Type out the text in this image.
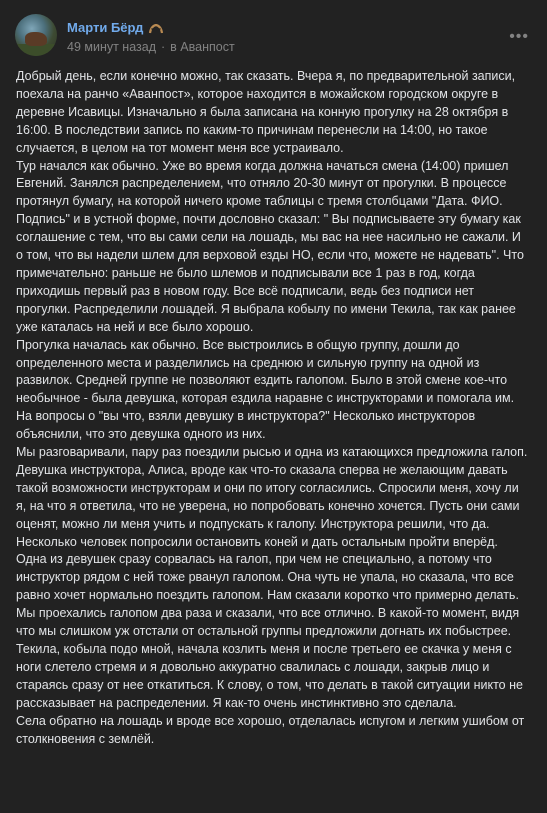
Марти Бёрд
49 минут назад · в Аванпост
•••

Добрый день, если конечно можно, так сказать. Вчера я, по предварительной записи, поехала на ранчо «Аванпост», которое находится в можайском городском округе в деревне Исавицы. Изначально я была записана на конную прогулку на 28 октября в 16:00. В последствии запись по каким-то причинам перенесли на 14:00, но такое случается, в целом на тот момент меня все устраивало.

Тур начался как обычно. Уже во время когда должна начаться смена (14:00) пришел Евгений. Занялся распределением, что отняло 20-30 минут от прогулки. В процессе протянул бумагу, на которой ничего кроме таблицы с тремя столбцами "Дата. ФИО. Подпись" и в устной форме, почти дословно сказал: " Вы подписываете эту бумагу как соглашение с тем, что вы сами сели на лошадь, мы вас на нее насильно не сажали. И о том, что вы надели шлем для верховой езды НО, если что, можете не надевать". Что примечательно: раньше не было шлемов и подписывали все 1 раз в год, когда приходишь первый раз в новом году. Все всё подписали, ведь без подписи нет прогулки. Распределили лошадей. Я выбрала кобылу по имени Текила, так как ранее уже каталась на ней и все было хорошо.

Прогулка началась как обычно. Все выстроились в общую группу, дошли до определенного места и разделились на среднюю и сильную группу на одной из развилок. Средней группе не позволяют ездить галопом. Было в этой смене кое-что необычное - была девушка, которая ездила наравне с инструкторами и помогала им. На вопросы о "вы что, взяли девушку в инструктора?" Несколько инструкторов объяснили, что это девушка одного из них.

Мы разговаривали, пару раз поездили рысью и одна из катающихся предложила галоп. Девушка инструктора, Алиса, вроде как что-то сказала сперва не желающим давать такой возможности инструкторам и они по итогу согласились. Спросили меня, хочу ли я, на что я ответила, что не уверена, но попробовать конечно хочется. Пусть они сами оценят, можно ли меня учить и подпускать к галопу. Инструктора решили, что да. Несколько человек попросили остановить коней и дать остальным пройти вперёд. Одна из девушек сразу сорвалась на галоп, при чем не специально, а потому что инструктор рядом с ней тоже рванул галопом. Она чуть не упала, но сказала, что все равно хочет нормально поездить галопом. Нам сказали коротко что примерно делать. Мы проехались галопом два раза и сказали, что все отлично. В какой-то момент, видя что мы слишком уж отстали от остальной группы предложили догнать их побыстрее. Текила, кобыла подо мной, начала козлить меня и после третьего ее скачка у меня с ноги слетело стремя и я довольно аккуратно свалилась с лошади, закрыв лицо и стараясь сразу от нее откатиться. К слову, о том, что делать в такой ситуации никто не рассказывает на распределении. Я как-то очень инстинктивно это сделала.

Села обратно на лошадь и вроде все хорошо, отделалась испугом и легким ушибом от столкновения с землёй.
